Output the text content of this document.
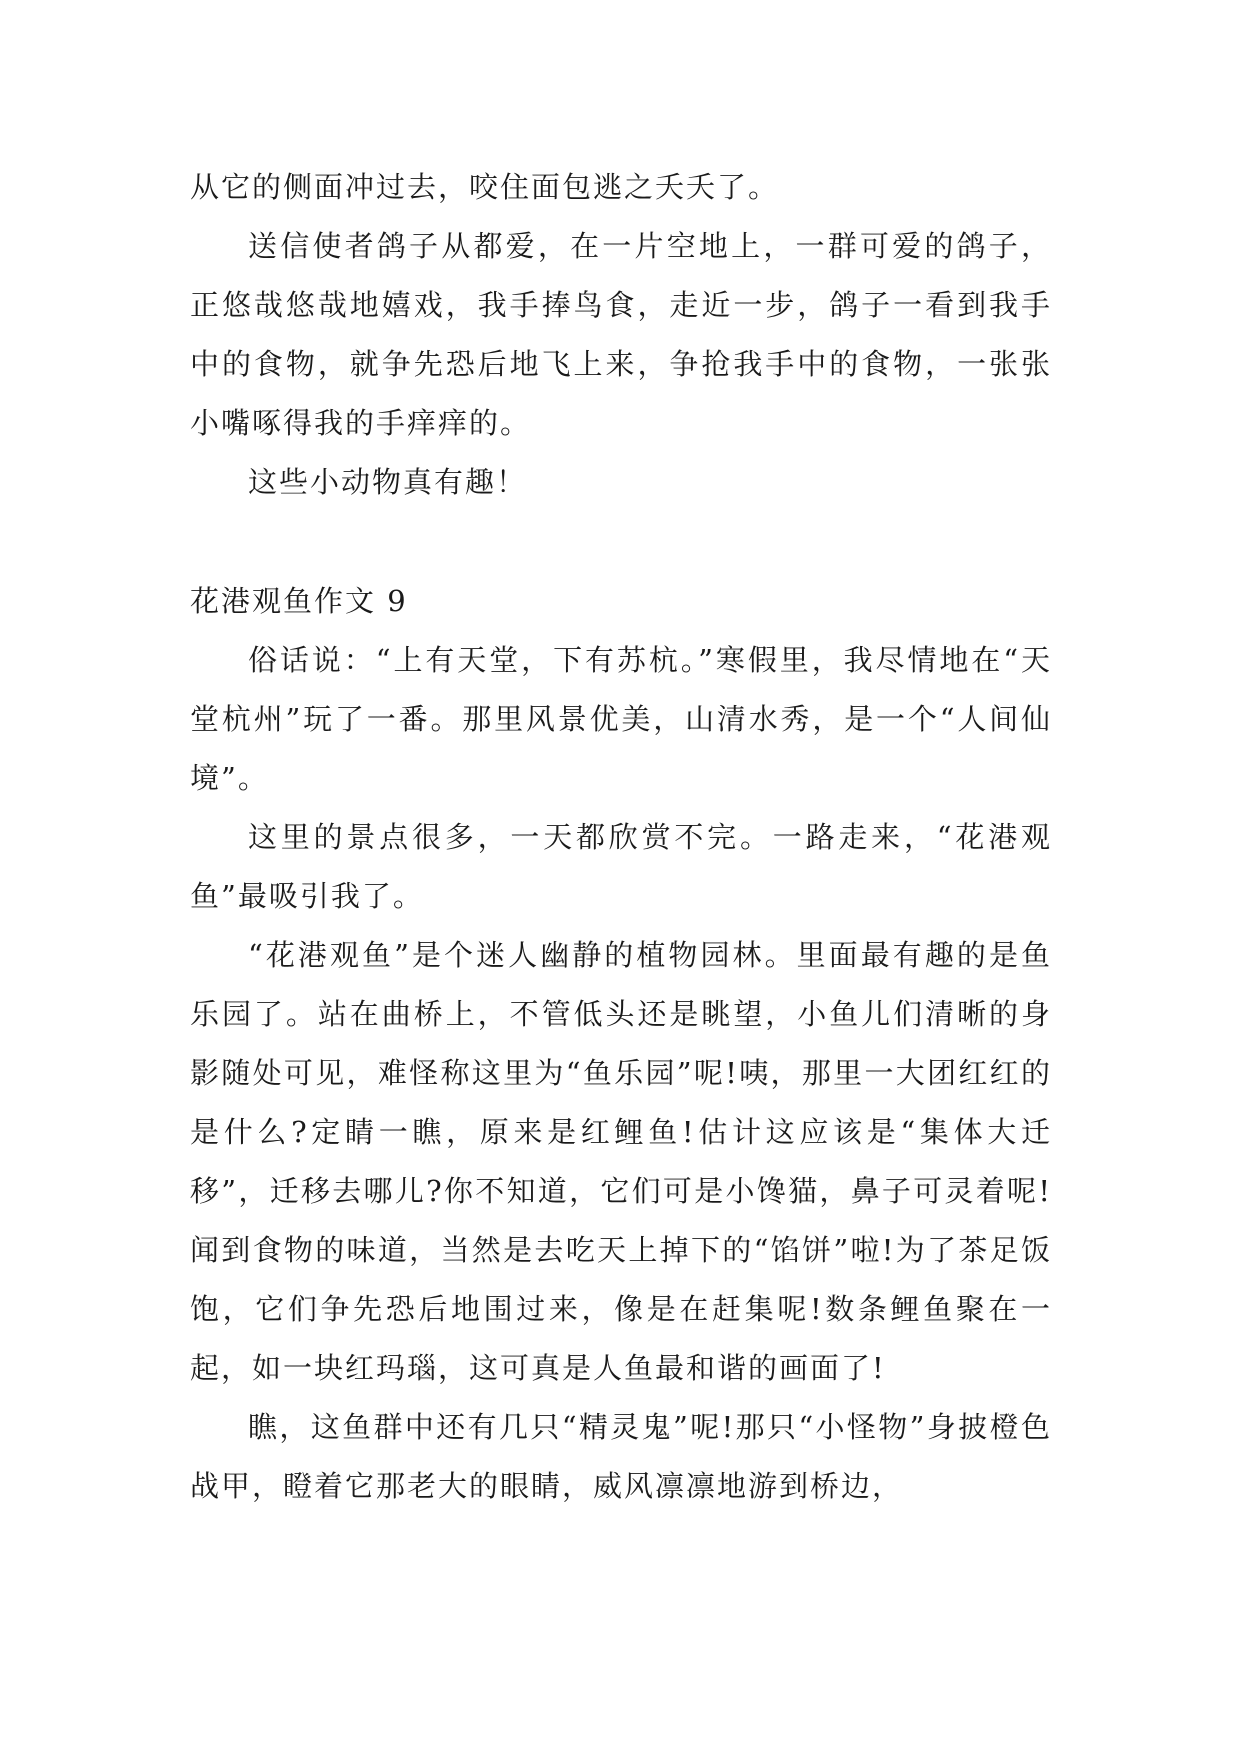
从它的侧面冲过去，咬住面包逃之夭夭了。

送信使者鸽子从都爱，在一片空地上，一群可爱的鸽子，正悠哉悠哉地嬉戏，我手捧鸟食，走近一步，鸽子一看到我手中的食物，就争先恐后地飞上来，争抢我手中的食物，一张张小嘴啄得我的手痒痒的。

这些小动物真有趣！

花港观鱼作文 9

俗话说：“上有天堂，下有苏杭。”寒假里，我尽情地在“天堂杭州”玩了一番。那里风景优美，山清水秀，是一个“人间仙境”。

这里的景点很多，一天都欣赏不完。一路走来，“花港观鱼”最吸引我了。

“花港观鱼”是个迷人幽静的植物园林。里面最有趣的是鱼乐园了。站在曲桥上，不管低头还是眺望，小鱼儿们清晰的身影随处可见，难怪称这里为“鱼乐园”呢!咦，那里一大团红红的是什么?定睛一瞧，原来是红鲤鱼!估计这应该是“集体大迁移”，迁移去哪儿?你不知道，它们可是小馋猫，鼻子可灵着呢!闻到食物的味道，当然是去吃天上掉下的“馅饼”啦!为了茶足饭饱，它们争先恐后地围过来，像是在赶集呢!数条鲤鱼聚在一起，如一块红玛瑙，这可真是人鱼最和谐的画面了!

瞧，这鱼群中还有几只“精灵鬼”呢!那只“小怪物”身披橙色战甲，瞪着它那老大的眼睛，威风凛凛地游到桥边，
